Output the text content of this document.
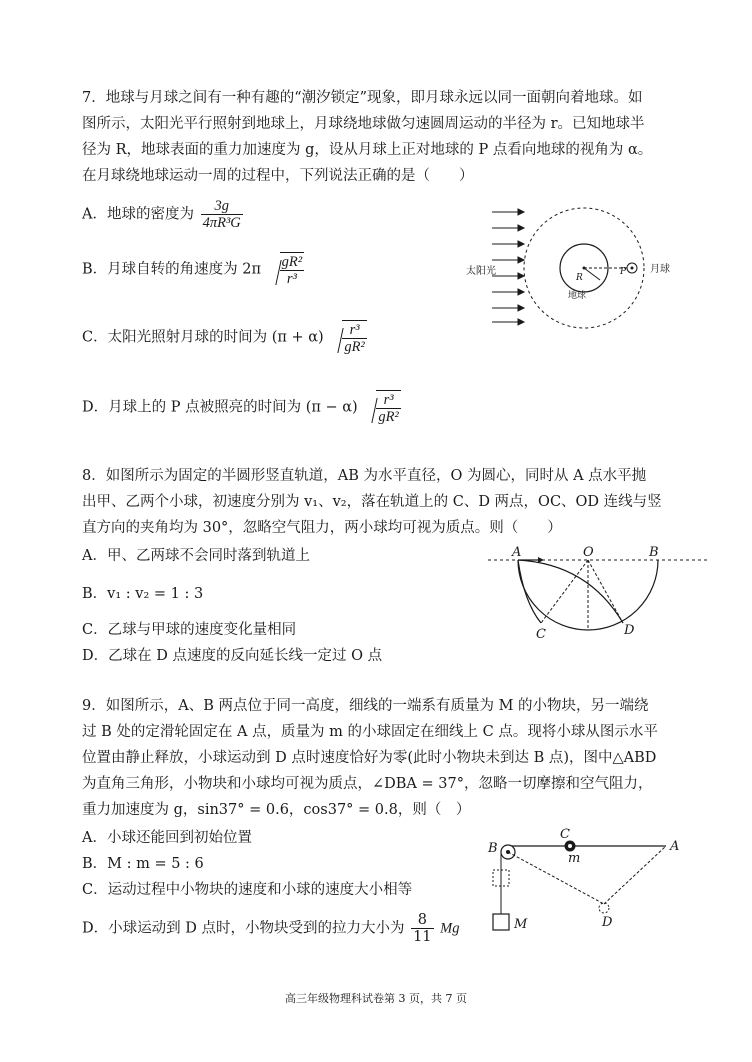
7．地球与月球之间有一种有趣的“潮汐锁定”现象，即月球永远以同一面朝向着地球。如
图所示，太阳光平行照射到地球上，月球绕地球做匀速圆周运动的半径为 r。已知地球半
径为 R，地球表面的重力加速度为 g，设从月球上正对地球的 P 点看向地球的视角为 α。
在月球绕地球运动一周的过程中，下列说法正确的是（　　）
A．地球的密度为 $\frac{3g}{\text{4πR³G}}$
B．月球自转的角速度为 $2\pi \frac{\text{gR²}}{\text{r³}}$
C．太阳光照射月球的时间为 $(\pi + \alpha) \frac{\text{r³}}{\text{gR²}}$
D．月球上的 P 点被照亮的时间为 $(\pi - \alpha) \frac{\text{r³}}{\text{gR²}}$
太阳光
R
地球
P 月球
8．如图所示为固定的半圆形竖直轨道，AB 为水平直径，O 为圆心，同时从 A 点水平抛
出甲、乙两个小球，初速度分别为 v₁、v₂，落在轨道上的 C、D 两点，OC、OD 连线与竖
直方向的夹角均为 30°，忽略空气阻力，两小球均可视为质点。则（　　）
A．甲、乙两球不会同时落到轨道上
B．v₁ : v₂ = 1 : 3
C．乙球与甲球的速度变化量相同
D．乙球在 D 点速度的反向延长线一定过 O 点
A	O	B
C	D
9．如图所示，A、B 两点位于同一高度，细线的一端系有质量为 M 的小物块，另一端绕
过 B 处的定滑轮固定在 A 点，质量为 m 的小球固定在细线上 C 点。现将小球从图示水平
位置由静止释放，小球运动到 D 点时速度恰好为零(此时小物块未到达 B 点)，图中△ABD
为直角三角形，小物块和小球均可视为质点，∠DBA = 37°，忽略一切摩擦和空气阻力，
重力加速度为 g，sin37° = 0.6，cos37° = 0.8，则（　）
A．小球还能回到初始位置
B．M : m = 5 : 6
C．运动过程中小物块的速度和小球的速度大小相等
D．小球运动到 D 点时，小物块受到的拉力大小为 $\frac{8}{11}$ Mg
B
C
m
A
D
M
高三年级物理科试卷第 3 页，共 7 页
